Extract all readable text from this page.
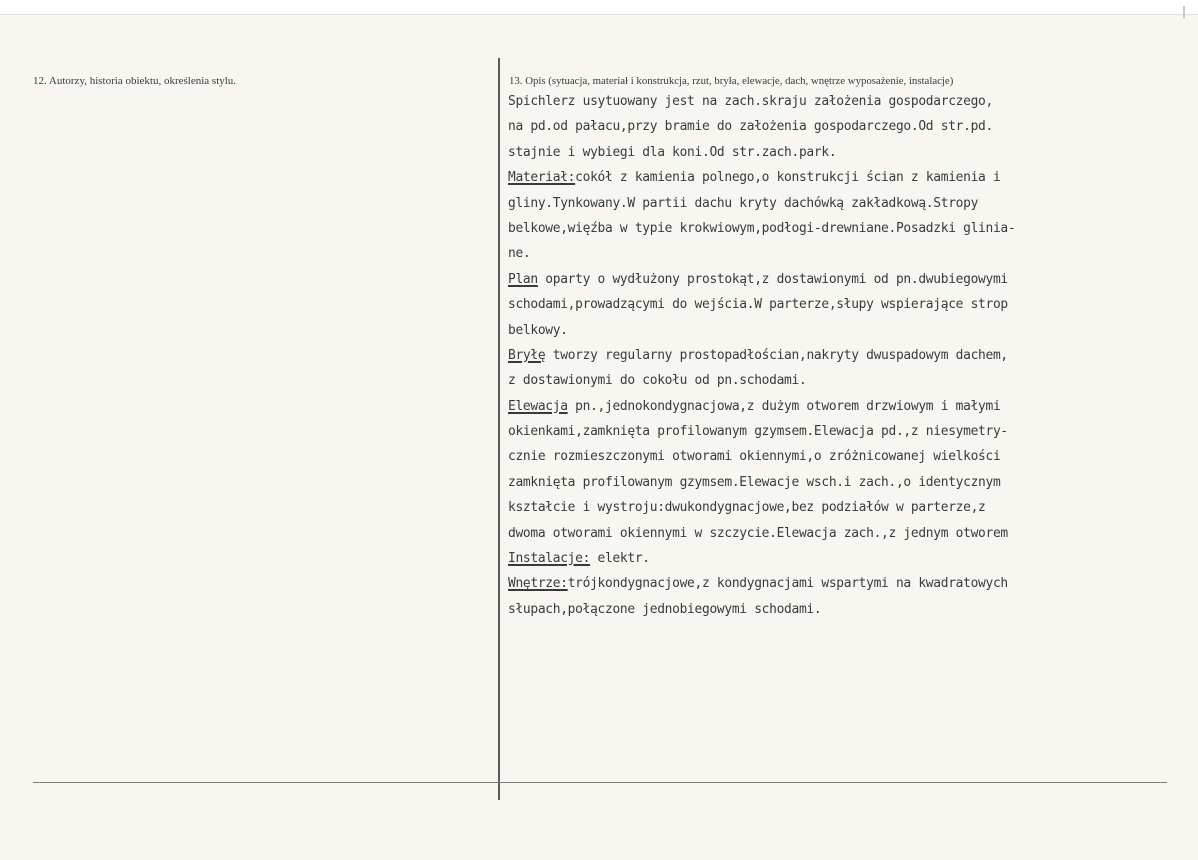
12. Autorzy, historia obiektu, określenia stylu.	13. Opis (sytuacja, materiał i konstrukcja, rzut, bryła, elewacje, dach, wnętrze wyposażenie, instalacje)
Spichlerz usytuowany jest na zach.skraju założenia gospodarczego,
na pd.od pałacu,przy bramie do założenia gospodarczego.Od str.pd.
stajnie i wybiegi dla koni.Od str.zach.park.
Materiał:cokół z kamienia polnego,o konstrukcji ścian z kamienia i
gliny.Tynkowany.W partii dachu kryty dachówką zakładkową.Stropy
belkowe,więźba w typie krokwiowym,podłogi-drewniane.Posadzki glinia-
ne.
Plan oparty o wydłużony prostokąt,z dostawionymi od pn.dwubiegowymi
schodami,prowadzącymi do wejścia.W parterze,słupy wspierające strop
belkowy.
Bryłę tworzy regularny prostopadłościan,nakryty dwuspadowym dachem,
z dostawionymi do cokołu od pn.schodami.
Elewacja pn.,jednokondygnacjowa,z dużym otworem drzwiowym i małymi
okienkami,zamknięta profilowanym gzymsem.Elewacja pd.,z niesymetry-
cznie rozmieszczonymi otworami okiennymi,o zróżnicowanej wielkości
zamknięta profilowanym gzymsem.Elewacje wsch.i zach.,o identycznym
kształcie i wystroju:dwukondygnacjowe,bez podziałów w parterze,z
dwoma otworami okiennymi w szczycie.Elewacja zach.,z jednym otworem
Instalacje: elektr.
Wnętrze:trójkondygnacjowe,z kondygnacjami wspartymi na kwadratowych
słupach,połączone jednobiegowymi schodami.
